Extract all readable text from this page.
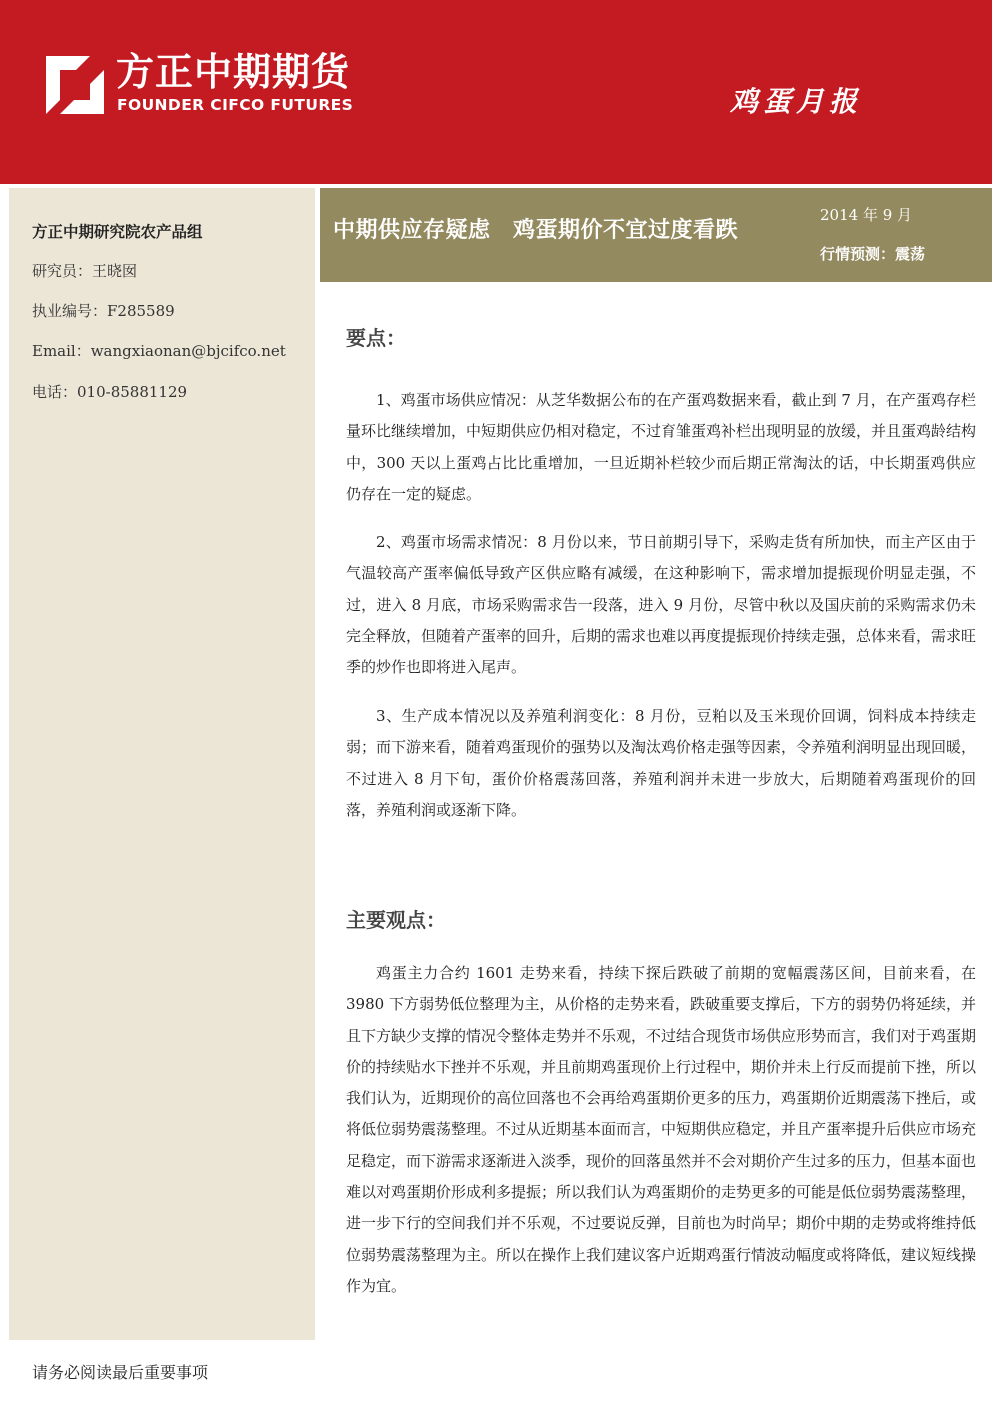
方正中期期货
FOUNDER CIFCO FUTURES	鸡蛋月报
方正中期研究院农产品组
研究员：王晓囡
执业编号：F285589
Email：wangxiaonan@bjcifco.net
电话：010-85881129
中期供应存疑虑　鸡蛋期价不宜过度看跌
2014 年 9 月
行情预测：震荡
要点：

1、鸡蛋市场供应情况：从芝华数据公布的在产蛋鸡数据来看，截止到 7 月，在产蛋鸡存栏量环比继续增加，中短期供应仍相对稳定，不过育雏蛋鸡补栏出现明显的放缓，并且蛋鸡龄结构中，300 天以上蛋鸡占比比重增加，一旦近期补栏较少而后期正常淘汰的话，中长期蛋鸡供应仍存在一定的疑虑。

2、鸡蛋市场需求情况：8 月份以来，节日前期引导下，采购走货有所加快，而主产区由于气温较高产蛋率偏低导致产区供应略有减缓，在这种影响下，需求增加提振现价明显走强，不过，进入 8 月底，市场采购需求告一段落，进入 9 月份，尽管中秋以及国庆前的采购需求仍未完全释放，但随着产蛋率的回升，后期的需求也难以再度提振现价持续走强，总体来看，需求旺季的炒作也即将进入尾声。

3、生产成本情况以及养殖利润变化：8 月份，豆粕以及玉米现价回调，饲料成本持续走弱；而下游来看，随着鸡蛋现价的强势以及淘汰鸡价格走强等因素，令养殖利润明显出现回暖，不过进入 8 月下旬，蛋价价格震荡回落，养殖利润并未进一步放大，后期随着鸡蛋现价的回落，养殖利润或逐渐下降。

主要观点：

鸡蛋主力合约 1601 走势来看，持续下探后跌破了前期的宽幅震荡区间，目前来看，在 3980 下方弱势低位整理为主，从价格的走势来看，跌破重要支撑后，下方的弱势仍将延续，并且下方缺少支撑的情况令整体走势并不乐观，不过结合现货市场供应形势而言，我们对于鸡蛋期价的持续贴水下挫并不乐观，并且前期鸡蛋现价上行过程中，期价并未上行反而提前下挫，所以我们认为，近期现价的高位回落也不会再给鸡蛋期价更多的压力，鸡蛋期价近期震荡下挫后，或将低位弱势震荡整理。不过从近期基本面而言，中短期供应稳定，并且产蛋率提升后供应市场充足稳定，而下游需求逐渐进入淡季，现价的回落虽然并不会对期价产生过多的压力，但基本面也难以对鸡蛋期价形成利多提振；所以我们认为鸡蛋期价的走势更多的可能是低位弱势震荡整理，进一步下行的空间我们并不乐观，不过要说反弹，目前也为时尚早；期价中期的走势或将维持低位弱势震荡整理为主。所以在操作上我们建议客户近期鸡蛋行情波动幅度或将降低，建议短线操作为宜。

请务必阅读最后重要事项
